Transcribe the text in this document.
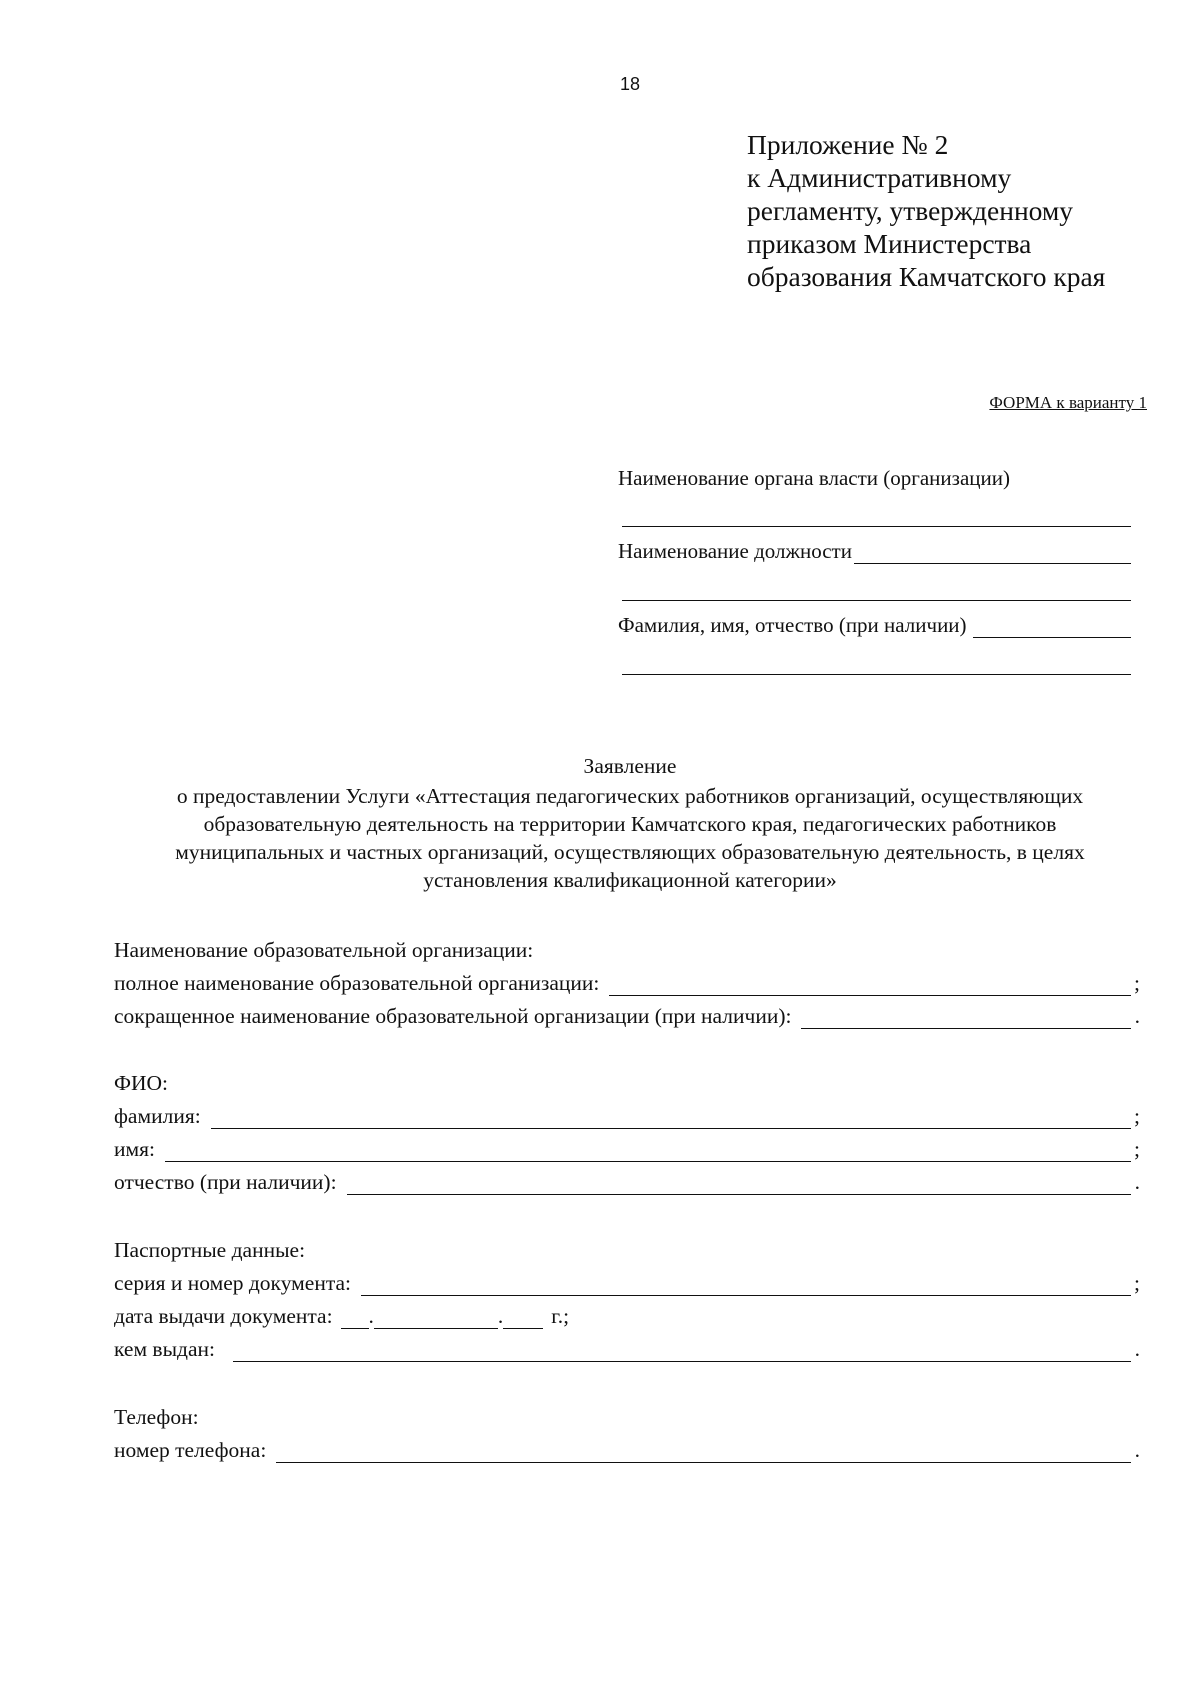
18
Приложение № 2
к Административному
регламенту, утвержденному
приказом Министерства
образования Камчатского края
ФОРМА к варианту 1
Наименование органа власти (организации)
Наименование должности
Фамилия, имя, отчество (при наличии)
Заявление
о предоставлении Услуги «Аттестация педагогических работников организаций, осуществляющих
образовательную деятельность на территории Камчатского края, педагогических работников
муниципальных и частных организаций, осуществляющих образовательную деятельность, в целях
установления квалификационной категории»
Наименование образовательной организации:
полное наименование образовательной организации:	;
сокращенное наименование образовательной организации (при наличии):	.
ФИО:
фамилия:	;
имя:	;
отчество (при наличии):	.
Паспортные данные:
серия и номер документа:	;
дата выдачи документа: .	. г.;
кем выдан:	.
Телефон:
номер телефона:	.
